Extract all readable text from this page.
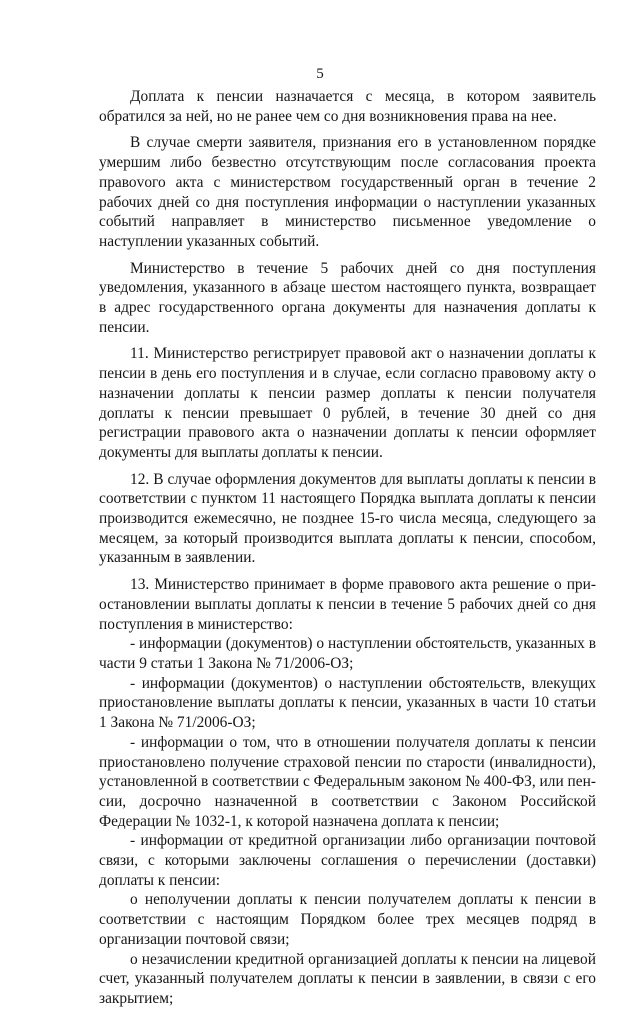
5

Доплата к пенсии назначается с месяца, в котором заявитель обратился за ней, но не ранее чем со дня возникновения права на нее.

В случае смерти заявителя, признания его в установленном порядке умершим либо безвестно отсутствующим после согласования проекта правоvого акта с министерством государственный орган в течение 2 рабочих дней со дня поступления информации о наступлении указанных событий направляет в министерство письменное уведомление о наступлении указанных событий.

Министерство в течение 5 рабочих дней со дня поступления уведомления, указанного в абзаце шестом настоящего пункта, возвращает в адрес государственного органа документы для назначения доплаты к пенсии.

11. Министерство регистрирует правовой акт о назначении доплаты к пенсии в день его поступления и в случае, если согласно правовому акту о назначении доплаты к пенсии размер доплаты к пенсии получателя доплаты к пенсии превышает 0 рублей, в течение 30 дней со дня регистрации правового акта о назначении доплаты к пенсии оформляет документы для выплаты доплаты к пенсии.

12. В случае оформления документов для выплаты доплаты к пенсии в соответствии с пунктом 11 настоящего Порядка выплата доплаты к пенсии производится ежемесячно, не позднее 15-го числа месяца, следующего за месяцем, за который производится выплата доплаты к пенсии, способом, указанным в заявлении.

13. Министерство принимает в форме правового акта решение о приостановлении выплаты доплаты к пенсии в течение 5 рабочих дней со дня поступления в министерство:

- информации (документов) о наступлении обстоятельств, указанных в части 9 статьи 1 Закона № 71/2006-ОЗ;

- информации (документов) о наступлении обстоятельств, влекущих приостановление выплаты доплаты к пенсии, указанных в части 10 статьи 1 Закона № 71/2006-ОЗ;

- информации о том, что в отношении получателя доплаты к пенсии приостановлено получение страховой пенсии по старости (инвалидности), установленной в соответствии с Федеральным законом № 400-ФЗ, или пенсии, досрочно назначенной в соответствии с Законом Российской Федерации № 1032-1, к которой назначена доплата к пенсии;

- информации от кредитной организации либо организации почтовой связи, с которыми заключены соглашения о перечислении (доставки) доплаты к пенсии:

о неполучении доплаты к пенсии получателем доплаты к пенсии в соответствии с настоящим Порядком более трех месяцев подряд в организации почтовой связи;

о незачислении кредитной организацией доплаты к пенсии на лицевой счет, указанный получателем доплаты к пенсии в заявлении, в связи с его закрытием;
